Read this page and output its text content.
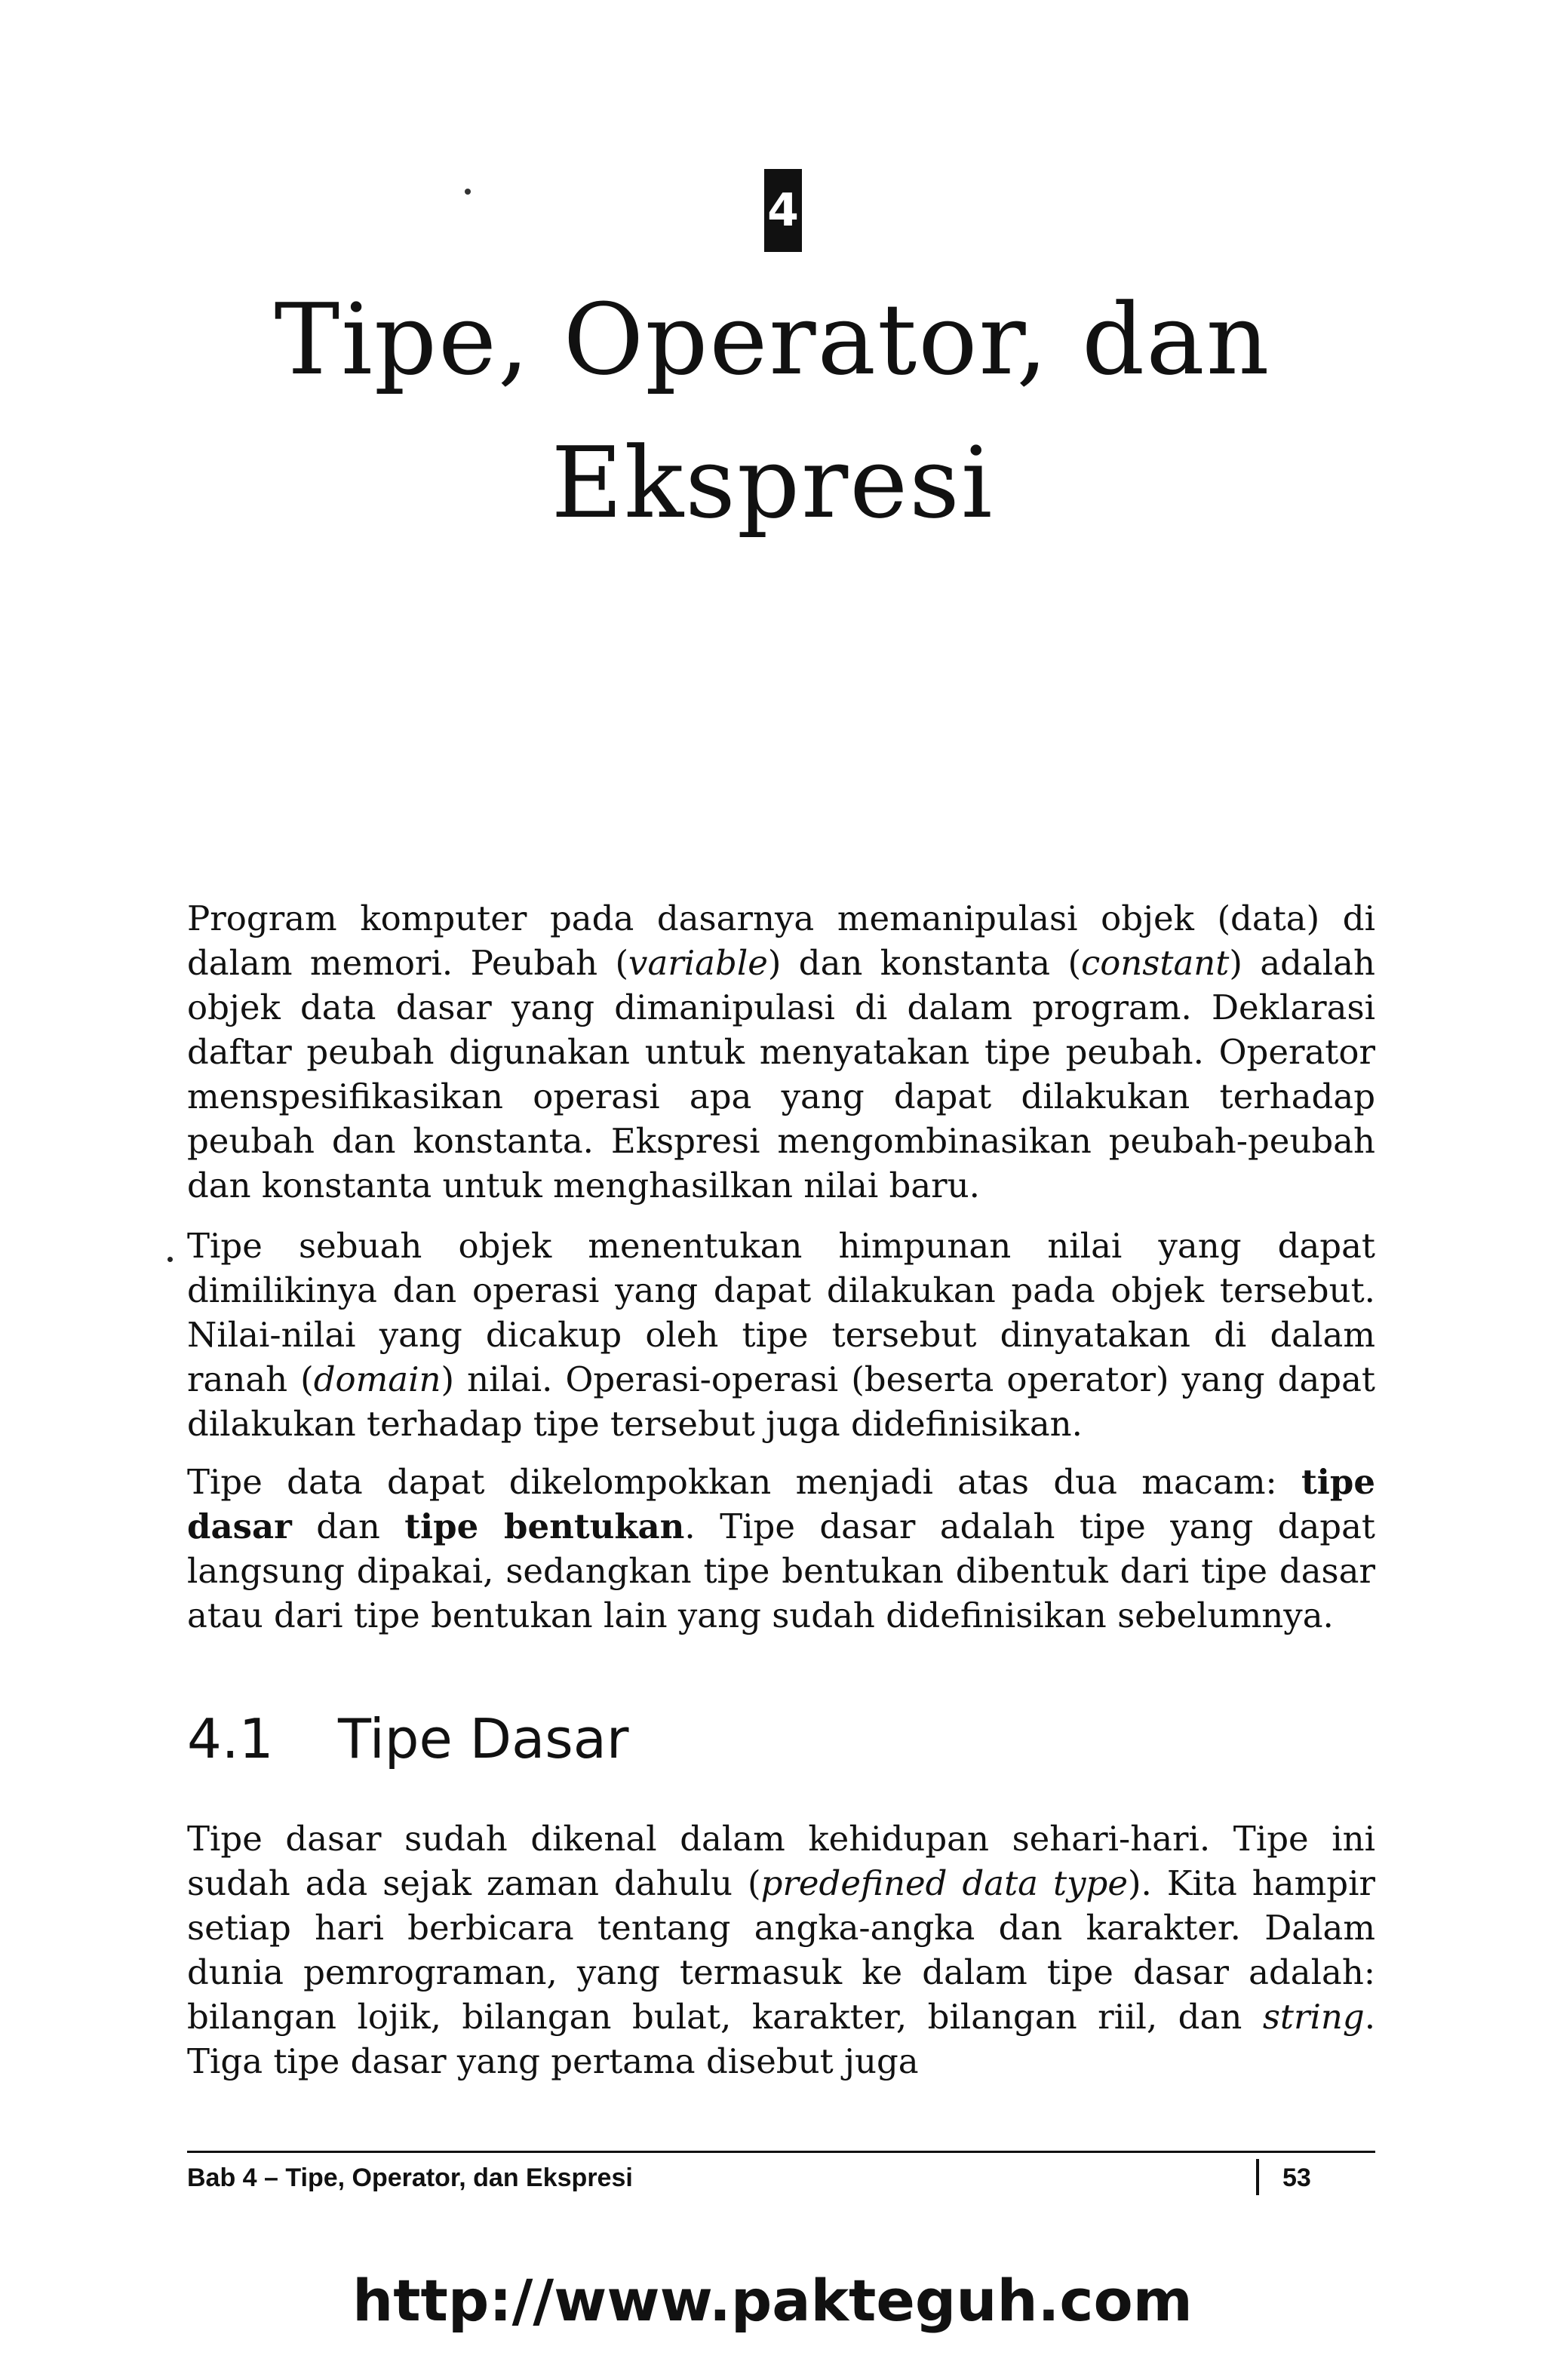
4
Tipe, Operator, dan
Ekspresi

Program komputer pada dasarnya memanipulasi objek (data) di dalam memori. Peubah (variable) dan konstanta (constant) adalah objek data dasar yang dimanipulasi di dalam program. Deklarasi daftar peubah digunakan untuk menyatakan tipe peubah. Operator menspesifikasikan operasi apa yang dapat dilakukan terhadap peubah dan konstanta. Ekspresi mengombinasikan peubah-peubah dan konstanta untuk menghasilkan nilai baru.

Tipe sebuah objek menentukan himpunan nilai yang dapat dimilikinya dan operasi yang dapat dilakukan pada objek tersebut. Nilai-nilai yang dicakup oleh tipe tersebut dinyatakan di dalam ranah (domain) nilai. Operasi-operasi (beserta operator) yang dapat dilakukan terhadap tipe tersebut juga didefinisikan.

Tipe data dapat dikelompokkan menjadi atas dua macam: tipe dasar dan tipe bentukan. Tipe dasar adalah tipe yang dapat langsung dipakai, sedangkan tipe bentukan dibentuk dari tipe dasar atau dari tipe bentukan lain yang sudah didefinisikan sebelumnya.

4.1 Tipe Dasar

Tipe dasar sudah dikenal dalam kehidupan sehari-hari. Tipe ini sudah ada sejak zaman dahulu (predefined data type). Kita hampir setiap hari berbicara tentang angka-angka dan karakter. Dalam dunia pemrograman, yang termasuk ke dalam tipe dasar adalah: bilangan lojik, bilangan bulat, karakter, bilangan riil, dan string. Tiga tipe dasar yang pertama disebut juga

Bab 4 – Tipe, Operator, dan Ekspresi	53
http://www.pakteguh.com
